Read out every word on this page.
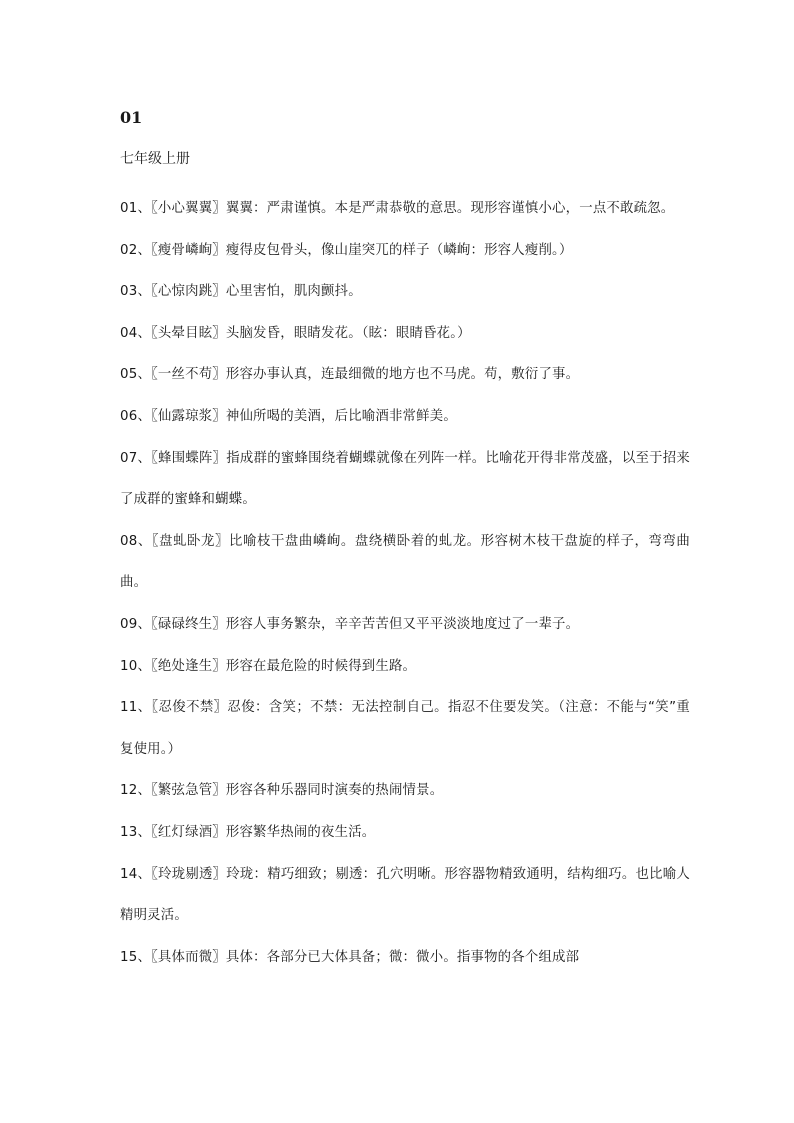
01
七年级上册

01、〖小心翼翼〗翼翼：严肃谨慎。本是严肃恭敬的意思。现形容谨慎小心，一点不敢疏忽。

02、〖瘦骨嶙峋〗瘦得皮包骨头，像山崖突兀的样子（嶙峋：形容人瘦削。）

03、〖心惊肉跳〗心里害怕，肌肉颤抖。

04、〖头晕目眩〗头脑发昏，眼睛发花。（眩：眼睛昏花。）

05、〖一丝不苟〗形容办事认真，连最细微的地方也不马虎。苟，敷衍了事。

06、〖仙露琼浆〗神仙所喝的美酒，后比喻酒非常鲜美。

07、〖蜂围蝶阵〗指成群的蜜蜂围绕着蝴蝶就像在列阵一样。比喻花开得非常茂盛，以至于招来了成群的蜜蜂和蝴蝶。

08、〖盘虬卧龙〗比喻枝干盘曲嶙峋。盘绕横卧着的虬龙。形容树木枝干盘旋的样子，弯弯曲曲。

09、〖碌碌终生〗形容人事务繁杂，辛辛苦苦但又平平淡淡地度过了一辈子。

10、〖绝处逢生〗形容在最危险的时候得到生路。

11、〖忍俊不禁〗忍俊：含笑；不禁：无法控制自己。指忍不住要发笑。（注意：不能与“笑”重复使用。）

12、〖繁弦急管〗形容各种乐器同时演奏的热闹情景。

13、〖红灯绿酒〗形容繁华热闹的夜生活。

14、〖玲珑剔透〗玲珑：精巧细致；剔透：孔穴明晰。形容器物精致通明，结构细巧。也比喻人精明灵活。

15、〖具体而微〗具体：各部分已大体具备；微：微小。指事物的各个组成部
